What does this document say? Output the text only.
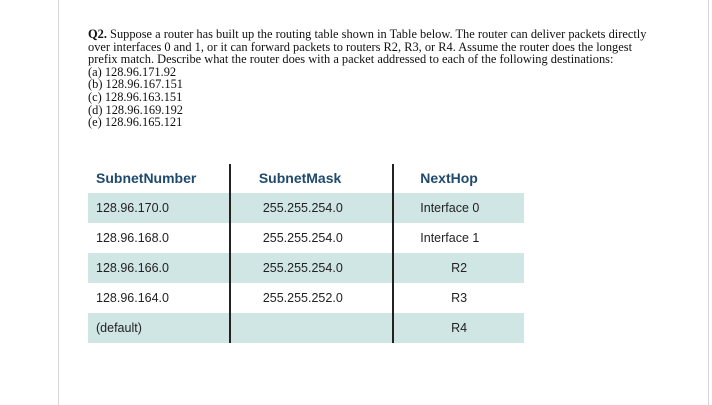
Q2. Suppose a router has built up the routing table shown in Table below. The router can deliver packets directly over interfaces 0 and 1, or it can forward packets to routers R2, R3, or R4. Assume the router does the longest prefix match. Describe what the router does with a packet addressed to each of the following destinations:

(a) 128.96.171.92
(b) 128.96.167.151
(c) 128.96.163.151
(d) 128.96.169.192
(e) 128.96.165.121
SubnetNumber	SubnetMask	NextHop
128.96.170.0	255.255.254.0	Interface 0
128.96.168.0	255.255.254.0	Interface 1
128.96.166.0	255.255.254.0	R2
128.96.164.0	255.255.252.0	R3
(default)		R4
